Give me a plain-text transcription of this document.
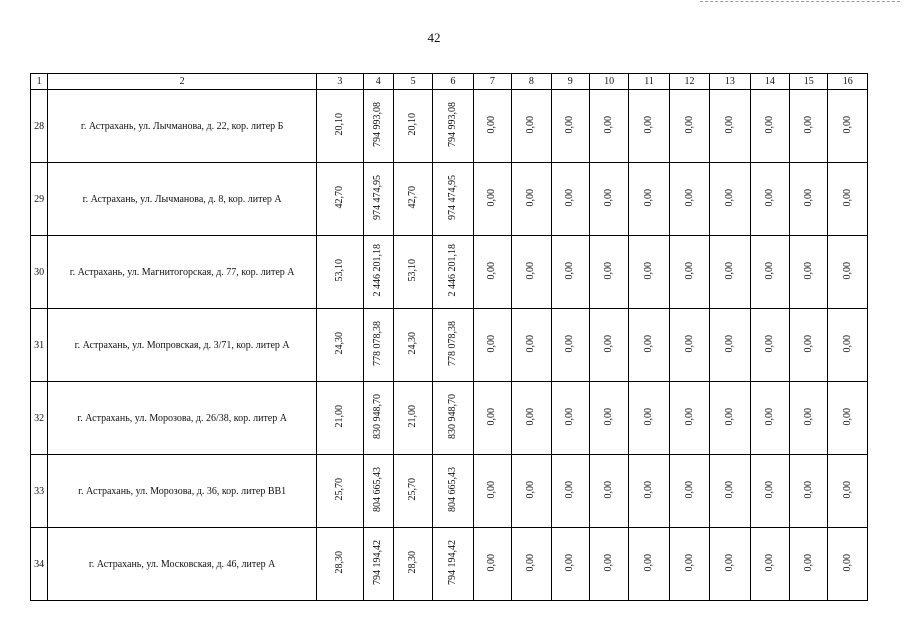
42
1	2	3	4	5	6	7	8	9	10	11	12	13	14	15	16
28	г. Астрахань, ул. Лычманова, д. 22, кор. литер Б	20,10	794 993,08	20,10	794 993,08	0,00	0,00	0,00	0,00	0,00	0,00	0,00	0,00	0,00	0,00
29	г. Астрахань, ул. Лычманова, д. 8, кор. литер А	42,70	974 474,95	42,70	974 474,95	0,00	0,00	0,00	0,00	0,00	0,00	0,00	0,00	0,00	0,00
30	г. Астрахань, ул. Магнитогорская, д. 77, кор. литер А	53,10	2 446 201,18	53,10	2 446 201,18	0,00	0,00	0,00	0,00	0,00	0,00	0,00	0,00	0,00	0,00
31	г. Астрахань, ул. Мопровская, д. 3/71, кор. литер А	24,30	778 078,38	24,30	778 078,38	0,00	0,00	0,00	0,00	0,00	0,00	0,00	0,00	0,00	0,00
32	г. Астрахань, ул. Морозова, д. 26/38, кор. литер А	21,00	830 948,70	21,00	830 948,70	0,00	0,00	0,00	0,00	0,00	0,00	0,00	0,00	0,00	0,00
33	г. Астрахань, ул. Морозова, д. 36, кор. литер ВВ1	25,70	804 665,43	25,70	804 665,43	0,00	0,00	0,00	0,00	0,00	0,00	0,00	0,00	0,00	0,00
34	г. Астрахань, ул. Московская, д. 46, литер А	28,30	794 194,42	28,30	794 194,42	0,00	0,00	0,00	0,00	0,00	0,00	0,00	0,00	0,00	0,00
